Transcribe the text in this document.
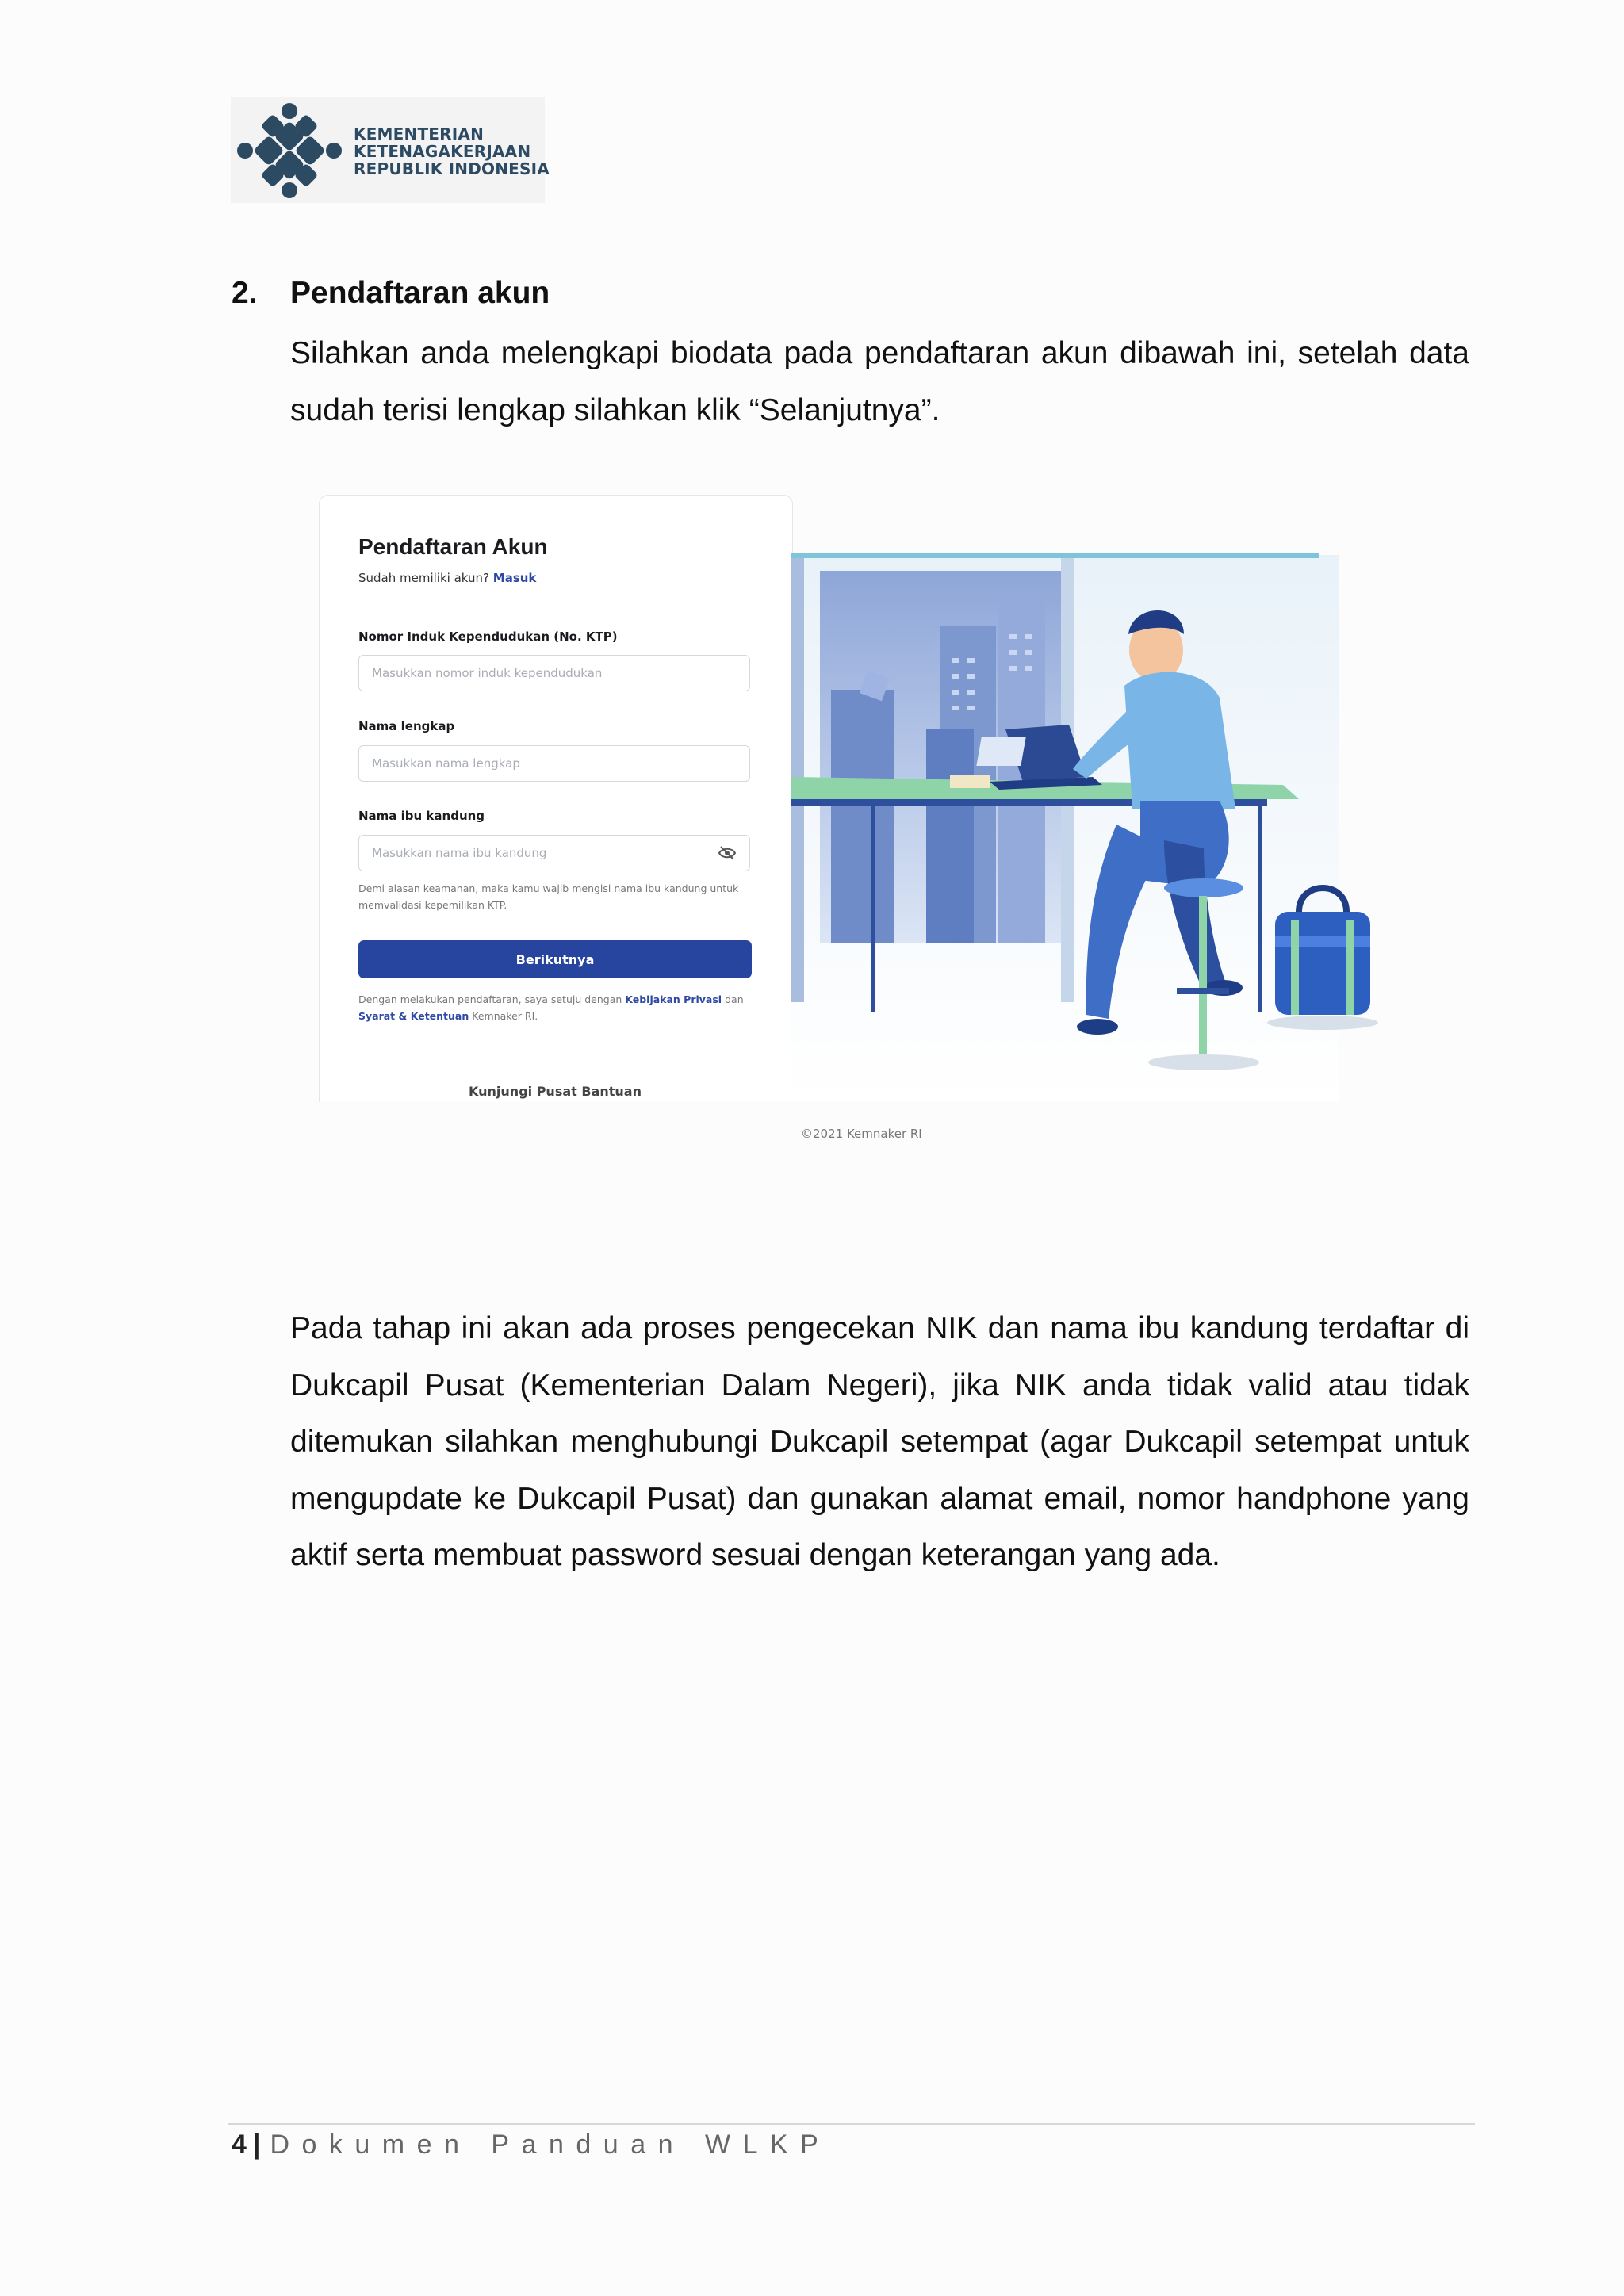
KEMENTERIAN
KETENAGAKERJAAN
REPUBLIK INDONESIA
2. Pendaftaran akun
Silahkan anda melengkapi biodata pada pendaftaran akun dibawah ini, setelah data sudah terisi lengkap silahkan klik “Selanjutnya”.
Pendaftaran Akun
Sudah memiliki akun? Masuk
Nomor Induk Kependudukan (No. KTP)
Masukkan nomor induk kependudukan
Nama lengkap
Masukkan nama lengkap
Nama ibu kandung
Masukkan nama ibu kandung
Demi alasan keamanan, maka kamu wajib mengisi nama ibu kandung untuk memvalidasi kepemilikan KTP.
Berikutnya
Dengan melakukan pendaftaran, saya setuju dengan Kebijakan Privasi dan Syarat & Ketentuan Kemnaker RI.
Kunjungi Pusat Bantuan
©2021 Kemnaker RI
Pada tahap ini akan ada proses pengecekan NIK dan nama ibu kandung terdaftar di Dukcapil Pusat (Kementerian Dalam Negeri), jika NIK anda tidak valid atau tidak ditemukan silahkan menghubungi Dukcapil setempat (agar Dukcapil setempat untuk mengupdate ke Dukcapil Pusat) dan gunakan alamat email, nomor handphone yang aktif serta membuat password sesuai dengan keterangan yang ada.
4 | Dokumen Panduan WLKP
